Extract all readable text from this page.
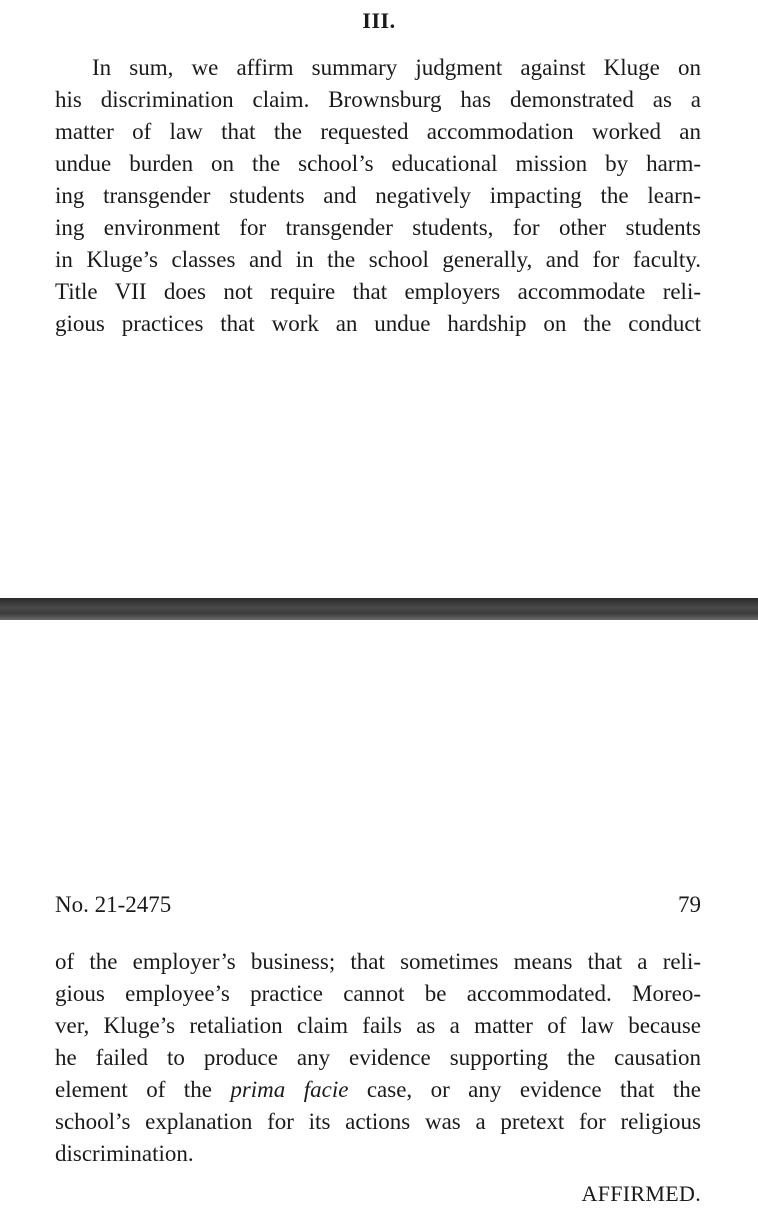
III.
In sum, we affirm summary judgment against Kluge on
his discrimination claim. Brownsburg has demonstrated as a
matter of law that the requested accommodation worked an
undue burden on the school’s educational mission by harm-
ing transgender students and negatively impacting the learn-
ing environment for transgender students, for other students
in Kluge’s classes and in the school generally, and for faculty.
Title VII does not require that employers accommodate reli-
gious practices that work an undue hardship on the conduct
No. 21-2475	79
of the employer’s business; that sometimes means that a reli-
gious employee’s practice cannot be accommodated. Moreo-
ver, Kluge’s retaliation claim fails as a matter of law because
he failed to produce any evidence supporting the causation
element of the prima facie case, or any evidence that the
school’s explanation for its actions was a pretext for religious
discrimination.
AFFIRMED.
